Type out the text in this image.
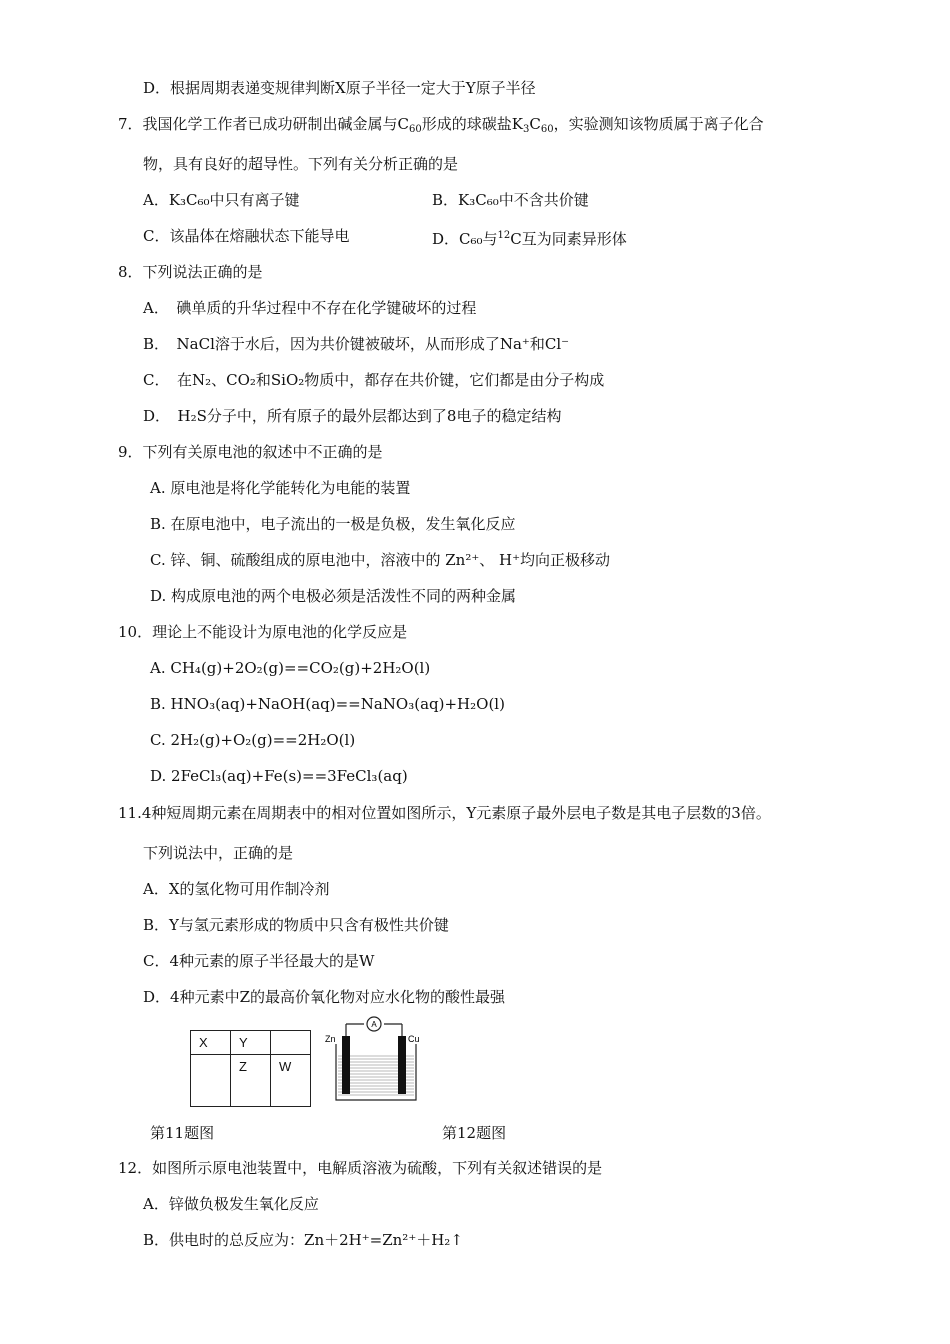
D．根据周期表递变规律判断X原子半径一定大于Y原子半径
7．我国化学工作者已成功研制出碱金属与$C_{60}$形成的球碳盐$K_3C_{60}$，实验测知该物质属于离子化合
物，具有良好的超导性。下列有关分析正确的是
A．K₃C₆₀中只有离子键	B．K₃C₆₀中不含共价键
C．该晶体在熔融状态下能导电	D．C₆₀与$^{12}$C互为同素异形体
8．下列说法正确的是
A．　碘单质的升华过程中不存在化学键破坏的过程
B．　NaCl溶于水后，因为共价键被破坏，从而形成了Na⁺和Cl⁻
C．　在N₂、CO₂和SiO₂物质中，都存在共价键，它们都是由分子构成
D．　H₂S分子中，所有原子的最外层都达到了8电子的稳定结构
9．下列有关原电池的叙述中不正确的是
A. 原电池是将化学能转化为电能的装置
B. 在原电池中，电子流出的一极是负极，发生氧化反应
C. 锌、铜、硫酸组成的原电池中，溶液中的 Zn²⁺、 H⁺均向正极移动
D. 构成原电池的两个电极必须是活泼性不同的两种金属
10．理论上不能设计为原电池的化学反应是
A. CH₄(g)+2O₂(g)==CO₂(g)+2H₂O(l)
B. HNO₃(aq)+NaOH(aq)==NaNO₃(aq)+H₂O(l)
C. 2H₂(g)+O₂(g)==2H₂O(l)
D. 2FeCl₃(aq)+Fe(s)==3FeCl₃(aq)
11.4种短周期元素在周期表中的相对位置如图所示，Y元素原子最外层电子数是其电子层数的3倍。
下列说法中，正确的是
A．X的氢化物可用作制冷剂
B．Y与氢元素形成的物质中只含有极性共价键
C．4种元素的原子半径最大的是W
D．4种元素中Z的最高价氧化物对应水化物的酸性最强
X	Y	
	Z	W
A
Zn	Cu
第11题图	第12题图
12．如图所示原电池装置中，电解质溶液为硫酸，下列有关叙述错误的是
A．锌做负极发生氧化反应
B．供电时的总反应为：Zn＋2H⁺=Zn²⁺＋H₂↑
